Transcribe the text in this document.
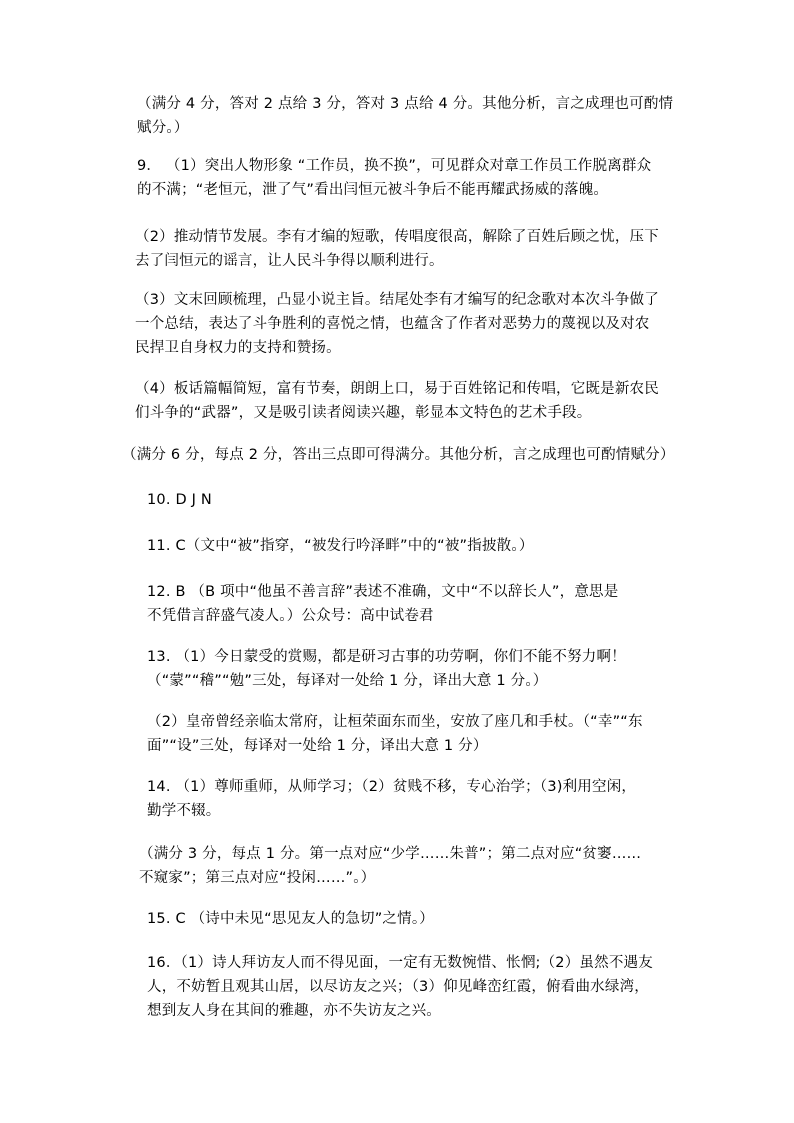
（满分 4 分，答对 2 点给 3 分，答对 3 点给 4 分。其他分析，言之成理也可酌情
赋分。）
9． （1）突出人物形象 “工作员，换不换”，可见群众对章工作员工作脱离群众
的不满；“老恒元，泄了气”看出闫恒元被斗争后不能再耀武扬威的落魄。
（2）推动情节发展。李有才编的短歌，传唱度很高，解除了百姓后顾之忧，压下
去了闫恒元的谣言，让人民斗争得以顺利进行。
（3）文末回顾梳理，凸显小说主旨。结尾处李有才编写的纪念歌对本次斗争做了
一个总结，表达了斗争胜利的喜悦之情，也蕴含了作者对恶势力的蔑视以及对农
民捍卫自身权力的支持和赞扬。
（4）板话篇幅简短，富有节奏，朗朗上口，易于百姓铭记和传唱，它既是新农民
们斗争的“武器”，又是吸引读者阅读兴趣，彰显本文特色的艺术手段。
（满分 6 分，每点 2 分，答出三点即可得满分。其他分析，言之成理也可酌情赋分）
10. D J N
11. C（文中“被”指穿，“被发行吟泽畔”中的“被”指披散。）
12. B （B 项中“他虽不善言辞”表述不准确，文中“不以辞长人”，意思是
不凭借言辞盛气凌人。）公众号：高中试卷君
13. （1）今日蒙受的赏赐，都是研习古事的功劳啊，你们不能不努力啊！
（“蒙”“稽”“勉”三处，每译对一处给 1 分，译出大意 1 分。）
（2）皇帝曾经亲临太常府，让桓荣面东而坐，安放了座几和手杖。（“幸”“东
面”“设”三处，每译对一处给 1 分，译出大意 1 分）
14. （1）尊师重师，从师学习；（2）贫贱不移，专心治学；（3)利用空闲，
勤学不辍。
（满分 3 分，每点 1 分。第一点对应“少学……朱普”；第二点对应“贫窭……
不窥家”；第三点对应“投闲……”。）
15. C （诗中未见“思见友人的急切”之情。）
16．（1）诗人拜访友人而不得见面，一定有无数惋惜、怅惘;（2）虽然不遇友
人，不妨暂且观其山居，以尽访友之兴；（3）仰见峰峦红霞，俯看曲水绿湾，
想到友人身在其间的雅趣，亦不失访友之兴。
